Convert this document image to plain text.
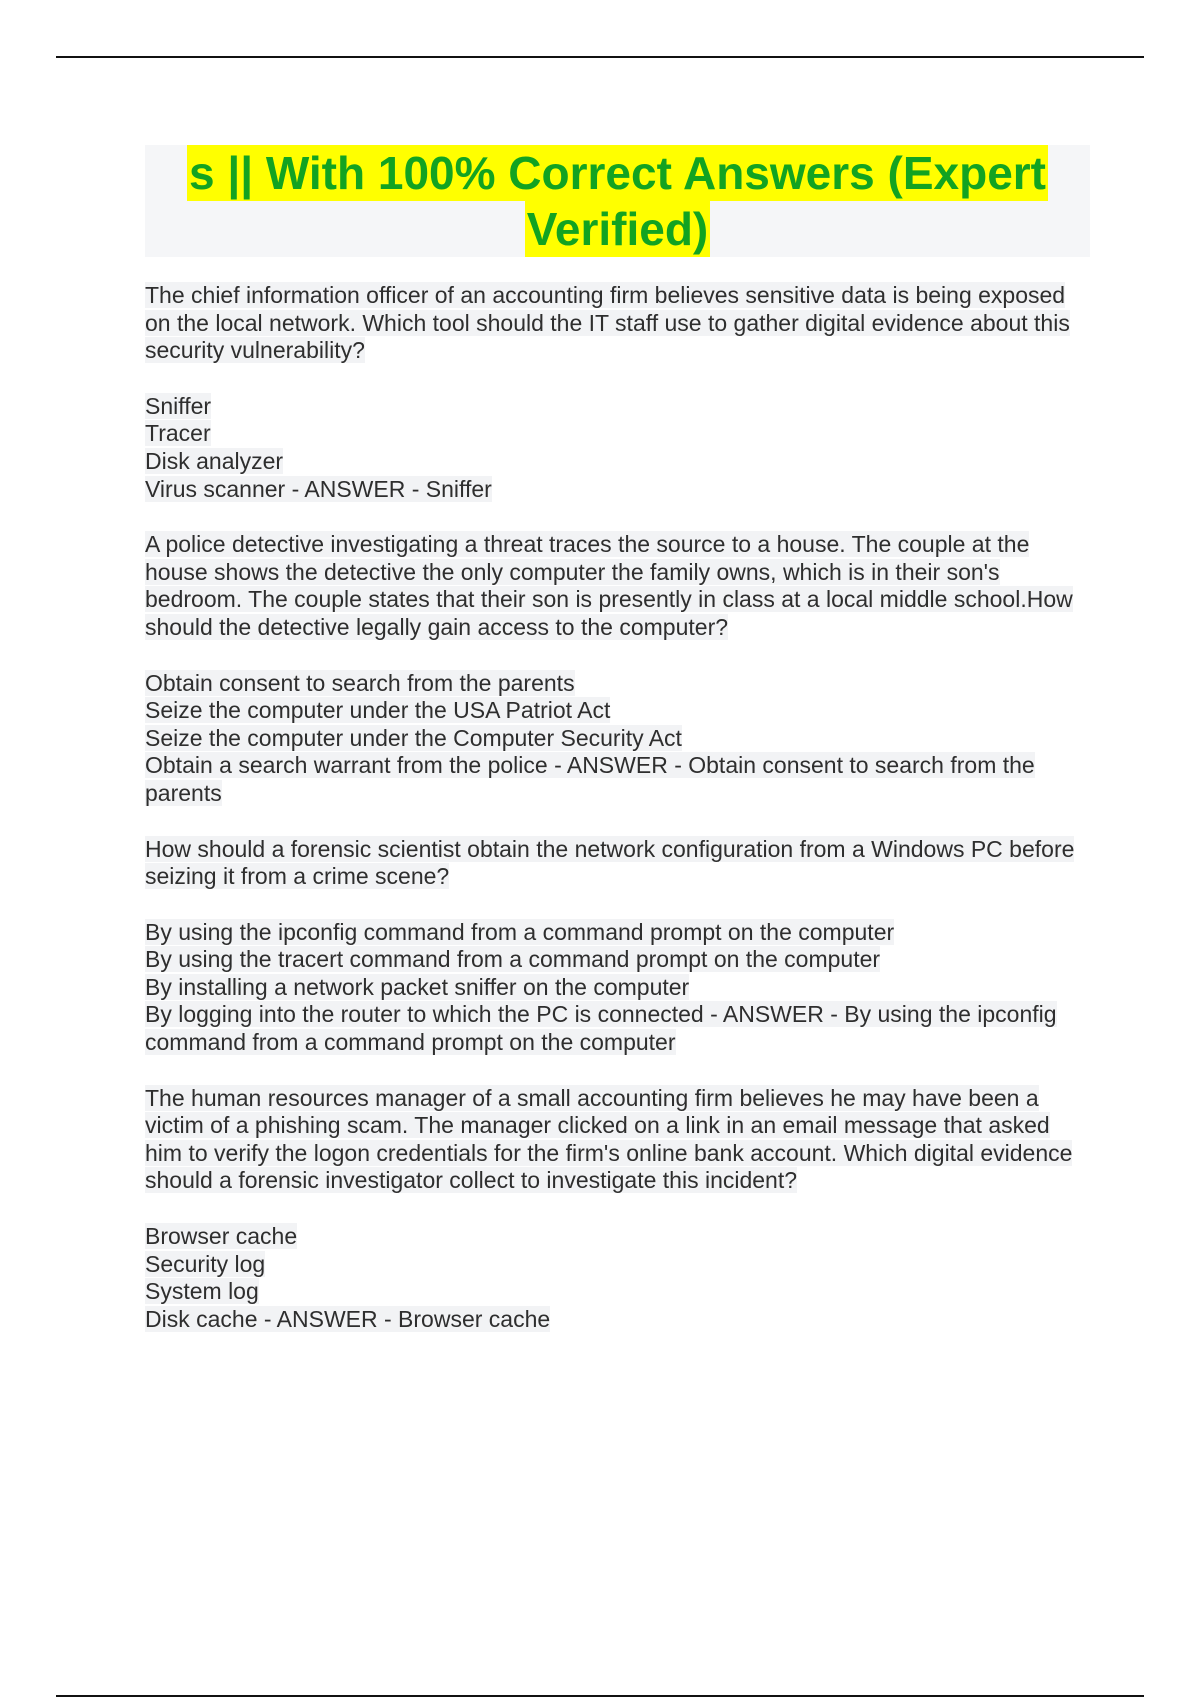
s || With 100% Correct Answers (Expert
Verified)
The chief information officer of an accounting firm believes sensitive data is being exposed on the local network. Which tool should the IT staff use to gather digital evidence about this security vulnerability?
Sniffer
Tracer
Disk analyzer
Virus scanner - ANSWER - Sniffer
A police detective investigating a threat traces the source to a house. The couple at the house shows the detective the only computer the family owns, which is in their son's bedroom. The couple states that their son is presently in class at a local middle school.How should the detective legally gain access to the computer?
Obtain consent to search from the parents
Seize the computer under the USA Patriot Act
Seize the computer under the Computer Security Act
Obtain a search warrant from the police - ANSWER - Obtain consent to search from the parents
How should a forensic scientist obtain the network configuration from a Windows PC before seizing it from a crime scene?
By using the ipconfig command from a command prompt on the computer
By using the tracert command from a command prompt on the computer
By installing a network packet sniffer on the computer
By logging into the router to which the PC is connected - ANSWER - By using the ipconfig command from a command prompt on the computer
The human resources manager of a small accounting firm believes he may have been a victim of a phishing scam. The manager clicked on a link in an email message that asked him to verify the logon credentials for the firm's online bank account. Which digital evidence should a forensic investigator collect to investigate this incident?
Browser cache
Security log
System log
Disk cache - ANSWER - Browser cache
